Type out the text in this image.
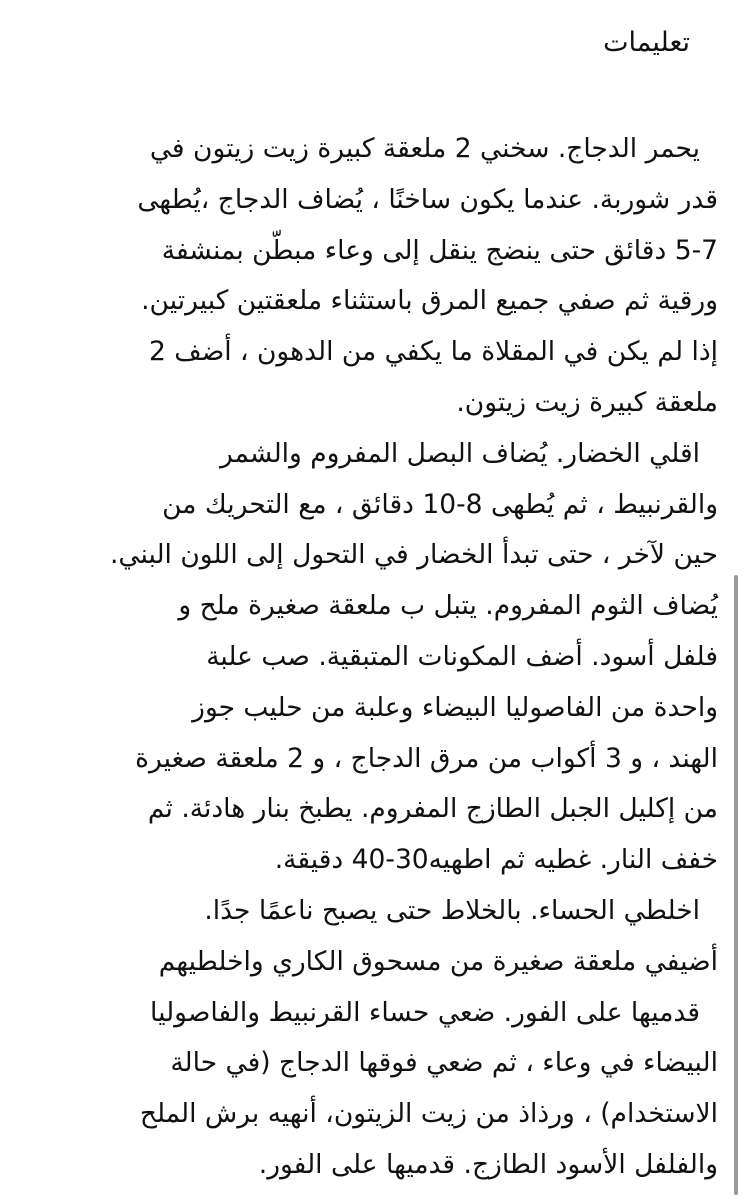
تعليمات
يحمر الدجاج. سخني 2 ملعقة كبيرة زيت زيتون في
قدر شوربة. عندما يكون ساخنًا ، يُضاف الدجاج ،يُطهى
5-7 دقائق حتى ينضج ينقل إلى وعاء مبطّن بمنشفة
ورقية ثم صفي جميع المرق باستثناء ملعقتين كبيرتين.
إذا لم يكن في المقلاة ما يكفي من الدهون ، أضف 2
ملعقة كبيرة زيت زيتون.
اقلي الخضار. يُضاف البصل المفروم والشمر
والقرنبيط ، ثم يُطهى 8-10 دقائق ، مع التحريك من
حين لآخر ، حتى تبدأ الخضار في التحول إلى اللون البني.
يُضاف الثوم المفروم. يتبل ب ملعقة صغيرة ملح و
فلفل أسود. أضف المكونات المتبقية. صب علبة
واحدة من الفاصوليا البيضاء وعلبة من حليب جوز
الهند ، و 3 أكواب من مرق الدجاج ، و 2 ملعقة صغيرة
من إكليل الجبل الطازج المفروم. يطبخ بنار هادئة. ثم
خفف النار. غطيه ثم اطهيه30-40 دقيقة.
اخلطي الحساء. بالخلاط حتى يصبح ناعمًا جدًا.
أضيفي ملعقة صغيرة من مسحوق الكاري واخلطيهم
قدميها على الفور. ضعي حساء القرنبيط والفاصوليا
البيضاء في وعاء ، ثم ضعي فوقها الدجاج (في حالة
الاستخدام) ، ورذاذ من زيت الزيتون، أنهيه برش الملح
والفلفل الأسود الطازج. قدميها على الفور.
